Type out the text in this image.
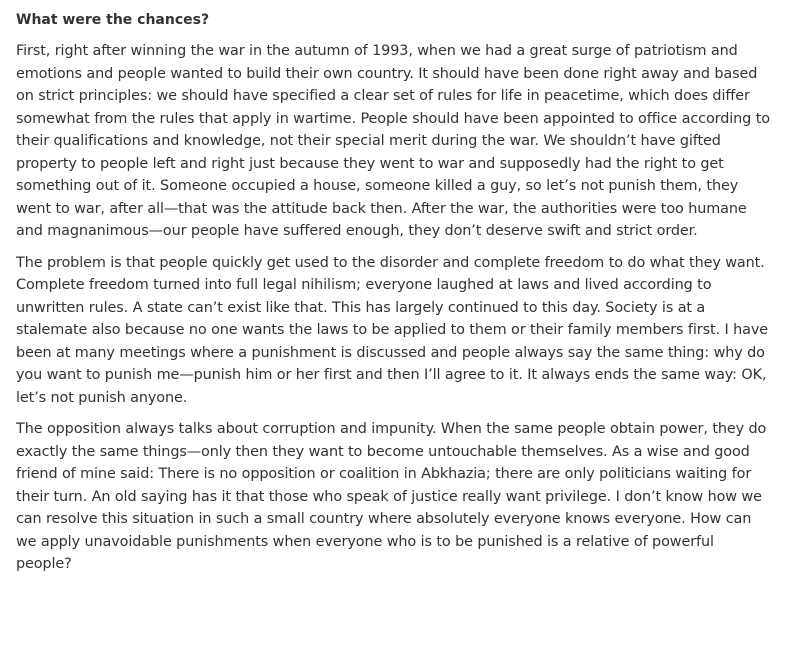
What were the chances?

First, right after winning the war in the autumn of 1993, when we had a great surge of patriotism and emotions and people wanted to build their own country. It should have been done right away and based on strict principles: we should have specified a clear set of rules for life in peacetime, which does differ somewhat from the rules that apply in wartime. People should have been appointed to office according to their qualifications and knowledge, not their special merit during the war. We shouldn’t have gifted property to people left and right just because they went to war and supposedly had the right to get something out of it. Someone occupied a house, someone killed a guy, so let’s not punish them, they went to war, after all—that was the attitude back then. After the war, the authorities were too humane and magnanimous—our people have suffered enough, they don’t deserve swift and strict order.

The problem is that people quickly get used to the disorder and complete freedom to do what they want. Complete freedom turned into full legal nihilism; everyone laughed at laws and lived according to unwritten rules. A state can’t exist like that. This has largely continued to this day. Society is at a stalemate also because no one wants the laws to be applied to them or their family members first. I have been at many meetings where a punishment is discussed and people always say the same thing: why do you want to punish me—punish him or her first and then I’ll agree to it. It always ends the same way: OK, let’s not punish anyone.

The opposition always talks about corruption and impunity. When the same people obtain power, they do exactly the same things—only then they want to become untouchable themselves. As a wise and good friend of mine said: There is no opposition or coalition in Abkhazia; there are only politicians waiting for their turn. An old saying has it that those who speak of justice really want privilege. I don’t know how we can resolve this situation in such a small country where absolutely everyone knows everyone. How can we apply unavoidable punishments when everyone who is to be punished is a relative of powerful people?
